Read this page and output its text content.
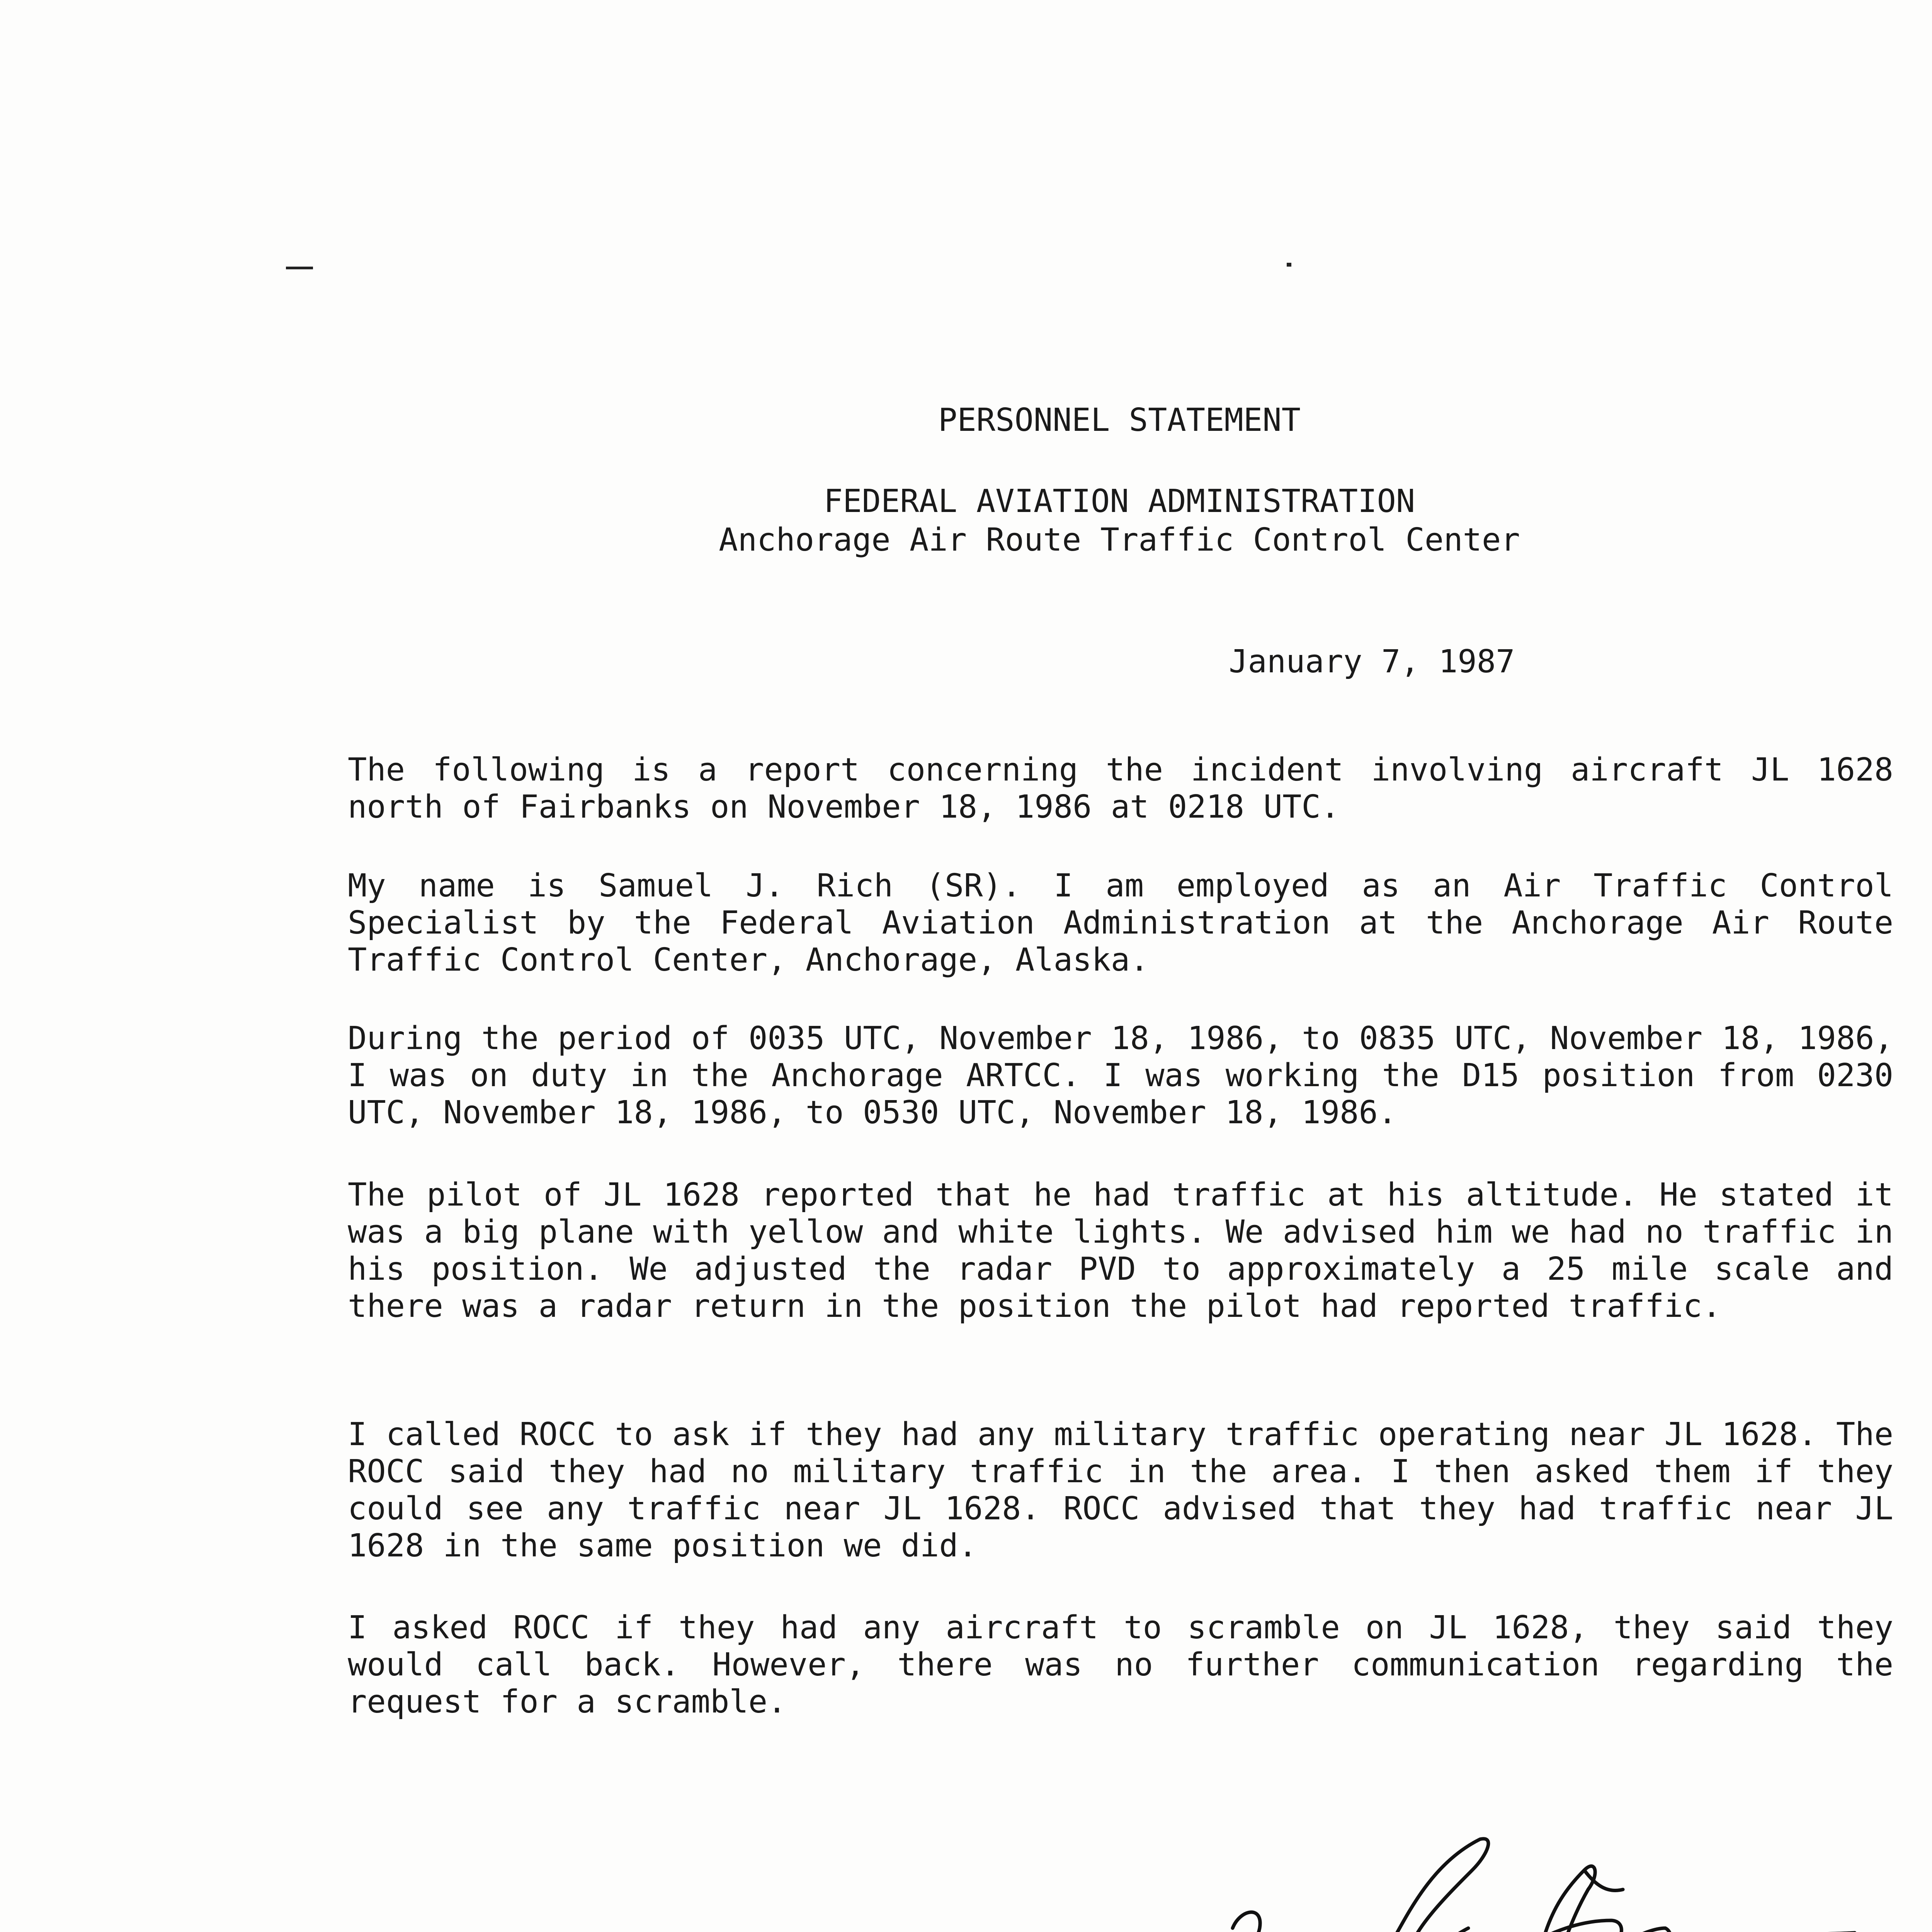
PERSONNEL STATEMENT
FEDERAL AVIATION ADMINISTRATION
Anchorage Air Route Traffic Control Center
January 7, 1987
The following is a report concerning the incident involving aircraft JL 1628 north of Fairbanks on November 18, 1986 at 0218 UTC.
My name is Samuel J. Rich (SR). I am employed as an Air Traffic Control Specialist by the Federal Aviation Administration at the Anchorage Air Route Traffic Control Center, Anchorage, Alaska.
During the period of 0035 UTC, November 18, 1986, to 0835 UTC, November 18, 1986, I was on duty in the Anchorage ARTCC. I was working the D15 position from 0230 UTC, November 18, 1986, to 0530 UTC, November 18, 1986.
The pilot of JL 1628 reported that he had traffic at his altitude. He stated it was a big plane with yellow and white lights. We advised him we had no traffic in his position. We adjusted the radar PVD to approximately a 25 mile scale and there was a radar return in the position the pilot had reported traffic.
I called ROCC to ask if they had any military traffic operating near JL 1628. The ROCC said they had no military traffic in the area. I then asked them if they could see any traffic near JL 1628. ROCC advised that they had traffic near JL 1628 in the same position we did.
I asked ROCC if they had any aircraft to scramble on JL 1628, they said they would call back. However, there was no further communication regarding the request for a scramble.
